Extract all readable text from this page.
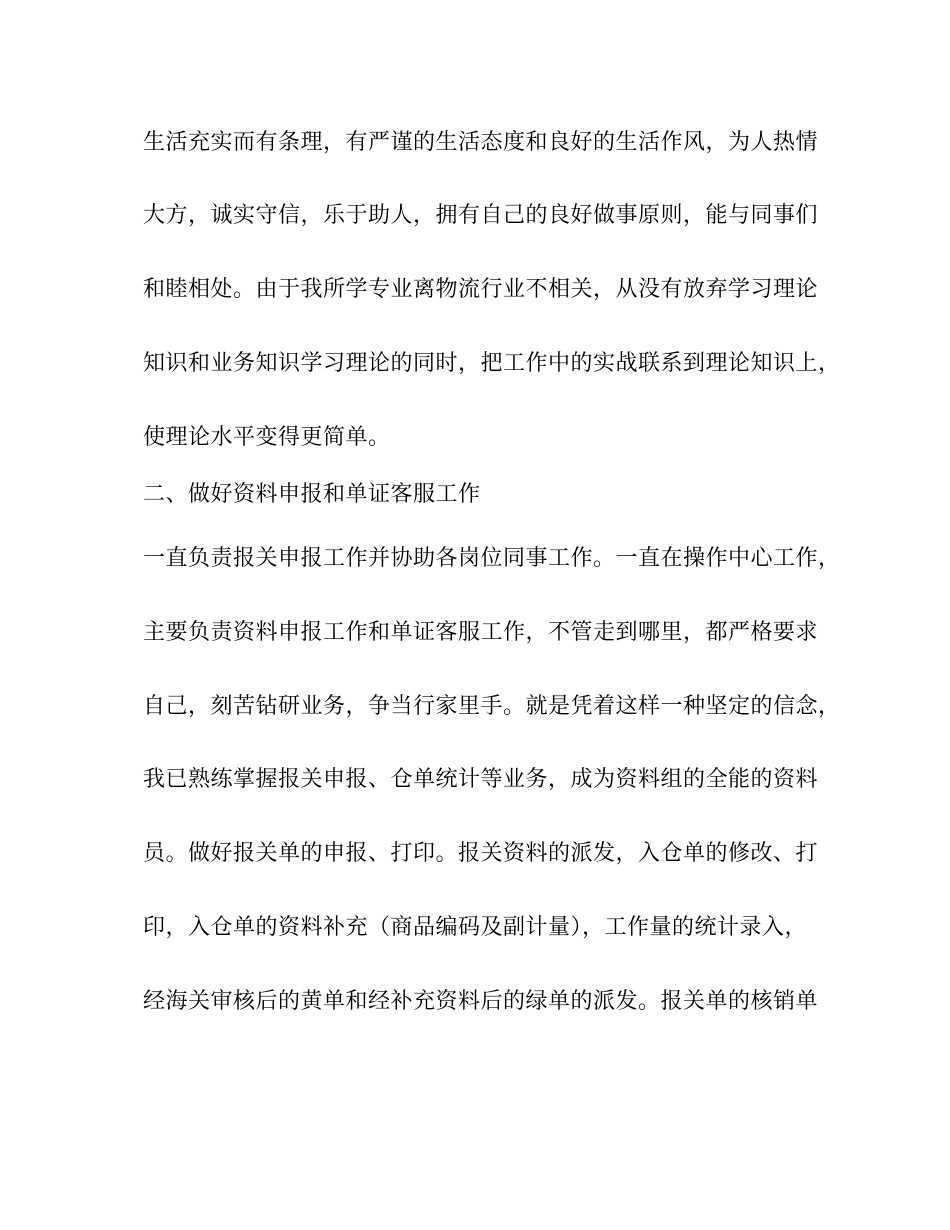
生活充实而有条理，有严谨的生活态度和良好的生活作风，为人热情
大方，诚实守信，乐于助人，拥有自己的良好做事原则，能与同事们
和睦相处。由于我所学专业离物流行业不相关，从没有放弃学习理论
知识和业务知识学习理论的同时，把工作中的实战联系到理论知识上，
使理论水平变得更简单。
二、做好资料申报和单证客服工作
一直负责报关申报工作并协助各岗位同事工作。一直在操作中心工作，
主要负责资料申报工作和单证客服工作，不管走到哪里，都严格要求
自己，刻苦钻研业务，争当行家里手。就是凭着这样一种坚定的信念，
我已熟练掌握报关申报、仓单统计等业务，成为资料组的全能的资料
员。做好报关单的申报、打印。报关资料的派发，入仓单的修改、打
印，入仓单的资料补充（商品编码及副计量），工作量的统计录入，
经海关审核后的黄单和经补充资料后的绿单的派发。报关单的核销单
